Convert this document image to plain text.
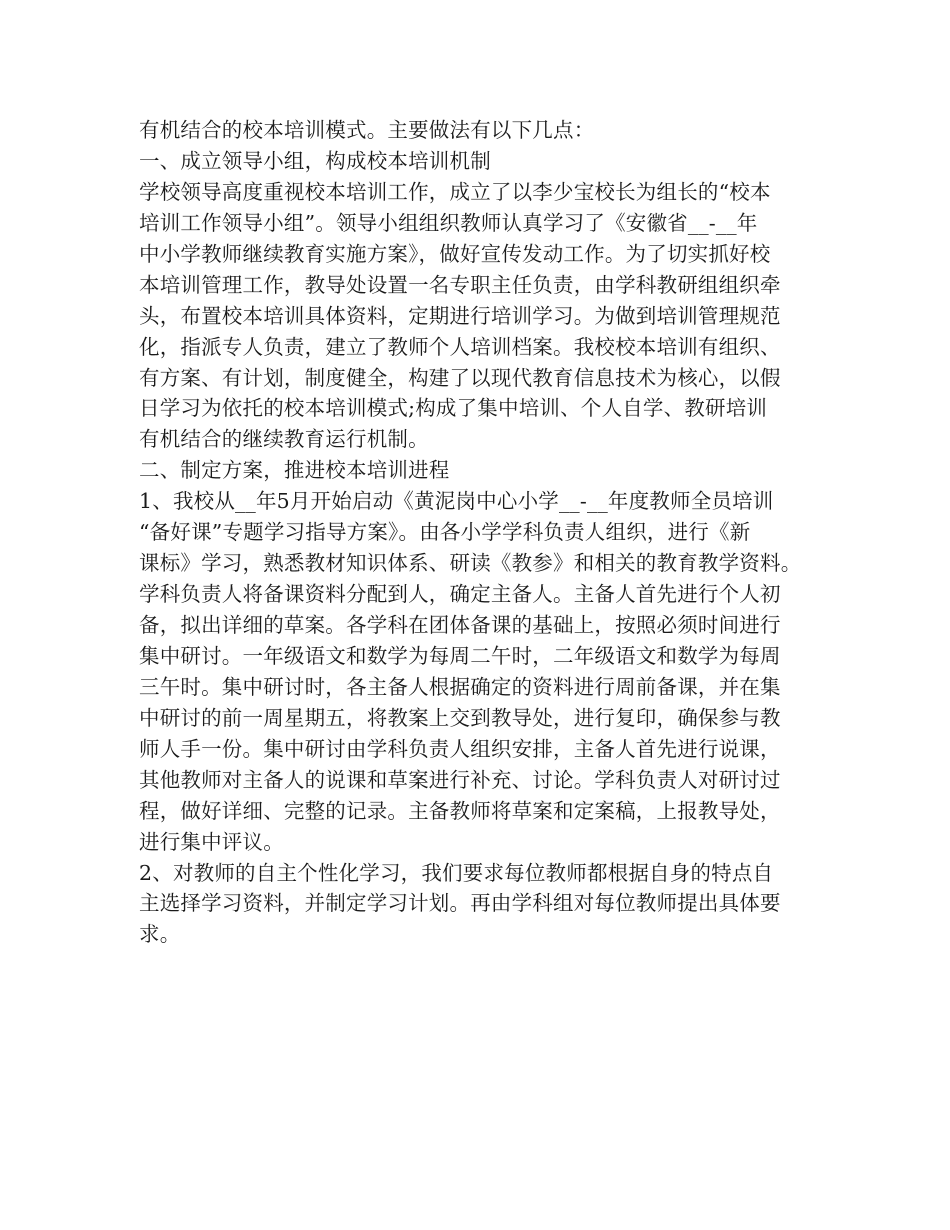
有机结合的校本培训模式。主要做法有以下几点：
一、成立领导小组，构成校本培训机制
学校领导高度重视校本培训工作，成立了以李少宝校长为组长的“校本
培训工作领导小组”。领导小组组织教师认真学习了《安徽省__-__年
中小学教师继续教育实施方案》，做好宣传发动工作。为了切实抓好校
本培训管理工作，教导处设置一名专职主任负责，由学科教研组组织牵
头，布置校本培训具体资料，定期进行培训学习。为做到培训管理规范
化，指派专人负责，建立了教师个人培训档案。我校校本培训有组织、
有方案、有计划，制度健全，构建了以现代教育信息技术为核心，以假
日学习为依托的校本培训模式;构成了集中培训、个人自学、教研培训
有机结合的继续教育运行机制。
二、制定方案，推进校本培训进程
1、我校从__年5月开始启动《黄泥岗中心小学__-__年度教师全员培训
“备好课”专题学习指导方案》。由各小学学科负责人组织，进行《新
课标》学习，熟悉教材知识体系、研读《教参》和相关的教育教学资料。
学科负责人将备课资料分配到人，确定主备人。主备人首先进行个人初
备，拟出详细的草案。各学科在团体备课的基础上，按照必须时间进行
集中研讨。一年级语文和数学为每周二午时，二年级语文和数学为每周
三午时。集中研讨时，各主备人根据确定的资料进行周前备课，并在集
中研讨的前一周星期五，将教案上交到教导处，进行复印，确保参与教
师人手一份。集中研讨由学科负责人组织安排，主备人首先进行说课，
其他教师对主备人的说课和草案进行补充、讨论。学科负责人对研讨过
程，做好详细、完整的记录。主备教师将草案和定案稿，上报教导处，
进行集中评议。
2、对教师的自主个性化学习，我们要求每位教师都根据自身的特点自
主选择学习资料，并制定学习计划。再由学科组对每位教师提出具体要
求。
